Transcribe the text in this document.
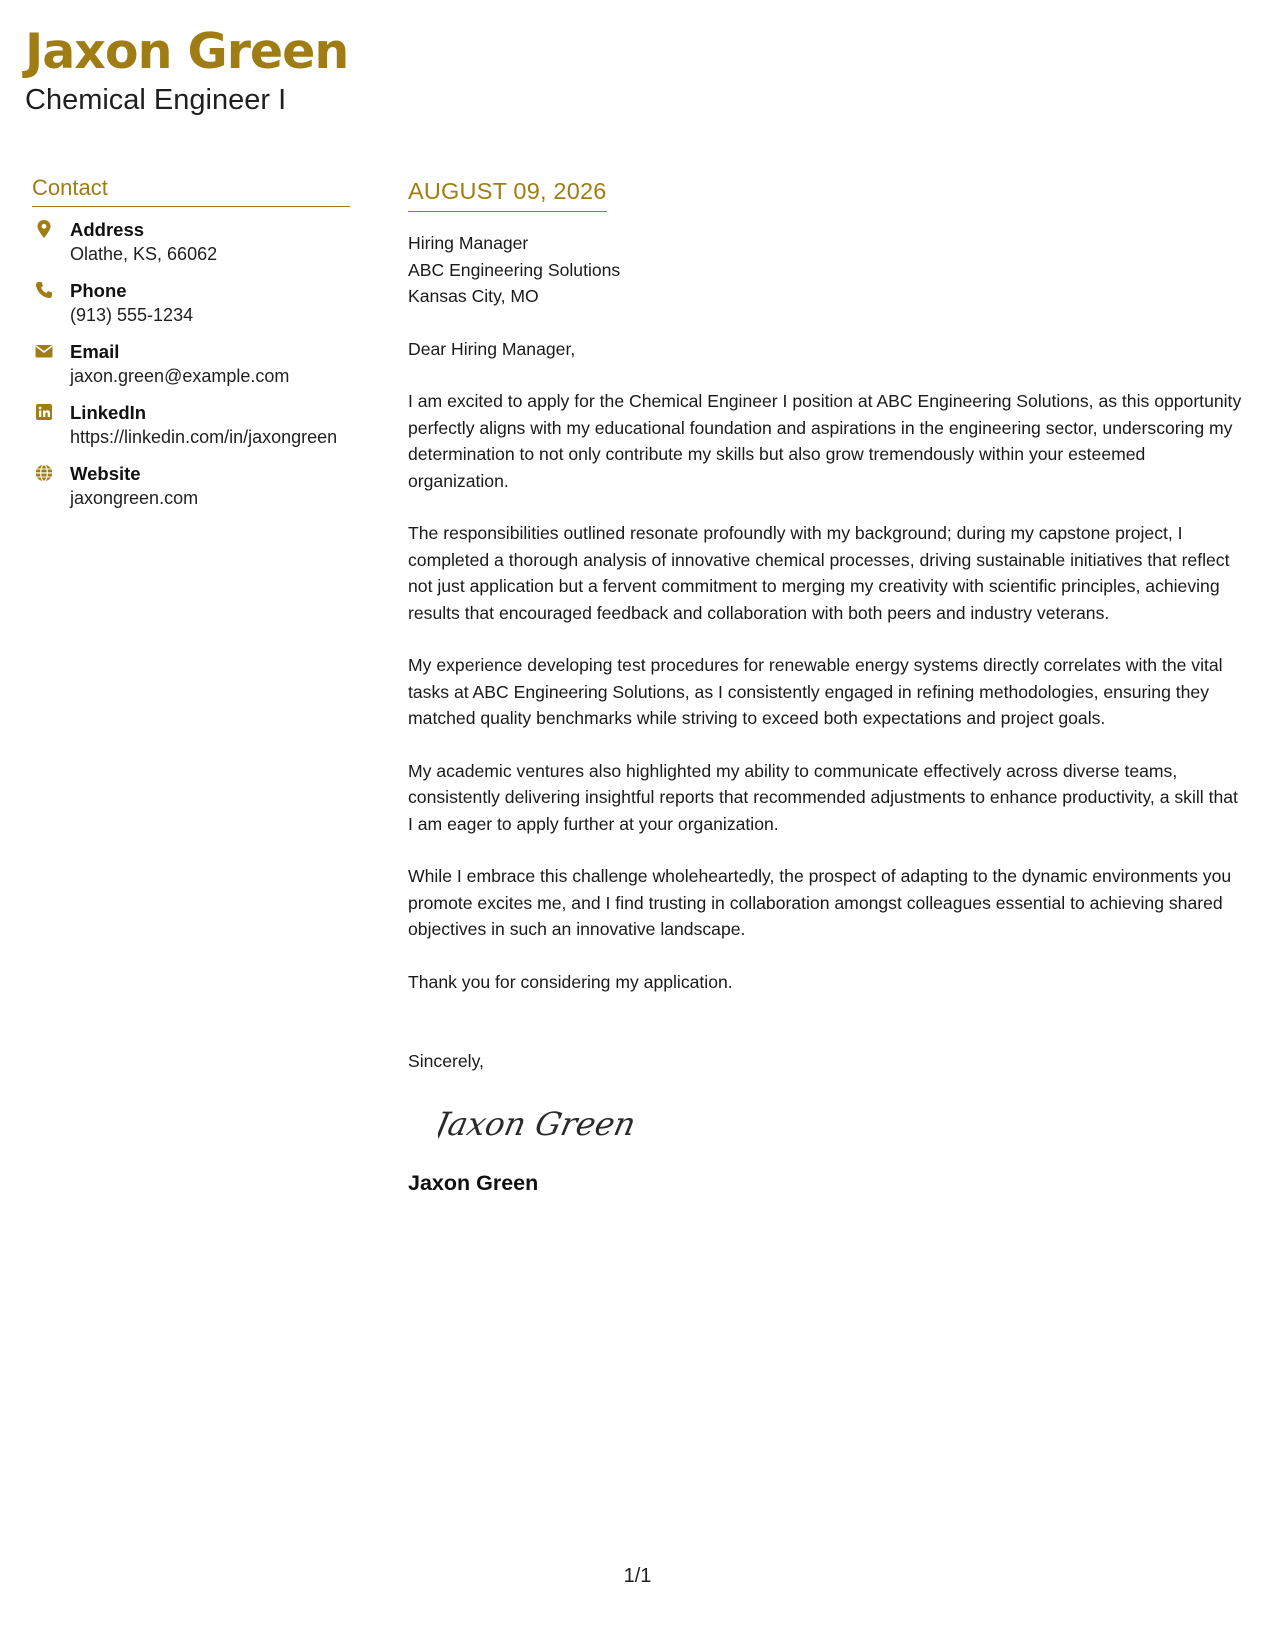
Jaxon Green
Chemical Engineer I
Contact
Address
Olathe, KS, 66062
Phone
(913) 555-1234
Email
jaxon.green@example.com
LinkedIn
https://linkedin.com/in/jaxongreen
Website
jaxongreen.com
AUGUST 09, 2026
Hiring Manager
ABC Engineering Solutions
Kansas City, MO
Dear Hiring Manager,
I am excited to apply for the Chemical Engineer I position at ABC Engineering Solutions, as this opportunity perfectly aligns with my educational foundation and aspirations in the engineering sector, underscoring my determination to not only contribute my skills but also grow tremendously within your esteemed organization.
The responsibilities outlined resonate profoundly with my background; during my capstone project, I completed a thorough analysis of innovative chemical processes, driving sustainable initiatives that reflect not just application but a fervent commitment to merging my creativity with scientific principles, achieving results that encouraged feedback and collaboration with both peers and industry veterans.
My experience developing test procedures for renewable energy systems directly correlates with the vital tasks at ABC Engineering Solutions, as I consistently engaged in refining methodologies, ensuring they matched quality benchmarks while striving to exceed both expectations and project goals.
My academic ventures also highlighted my ability to communicate effectively across diverse teams, consistently delivering insightful reports that recommended adjustments to enhance productivity, a skill that I am eager to apply further at your organization.
While I embrace this challenge wholeheartedly, the prospect of adapting to the dynamic environments you promote excites me, and I find trusting in collaboration amongst colleagues essential to achieving shared objectives in such an innovative landscape.
Thank you for considering my application.
Sincerely,
Jaxon Green
Jaxon Green
1/1
